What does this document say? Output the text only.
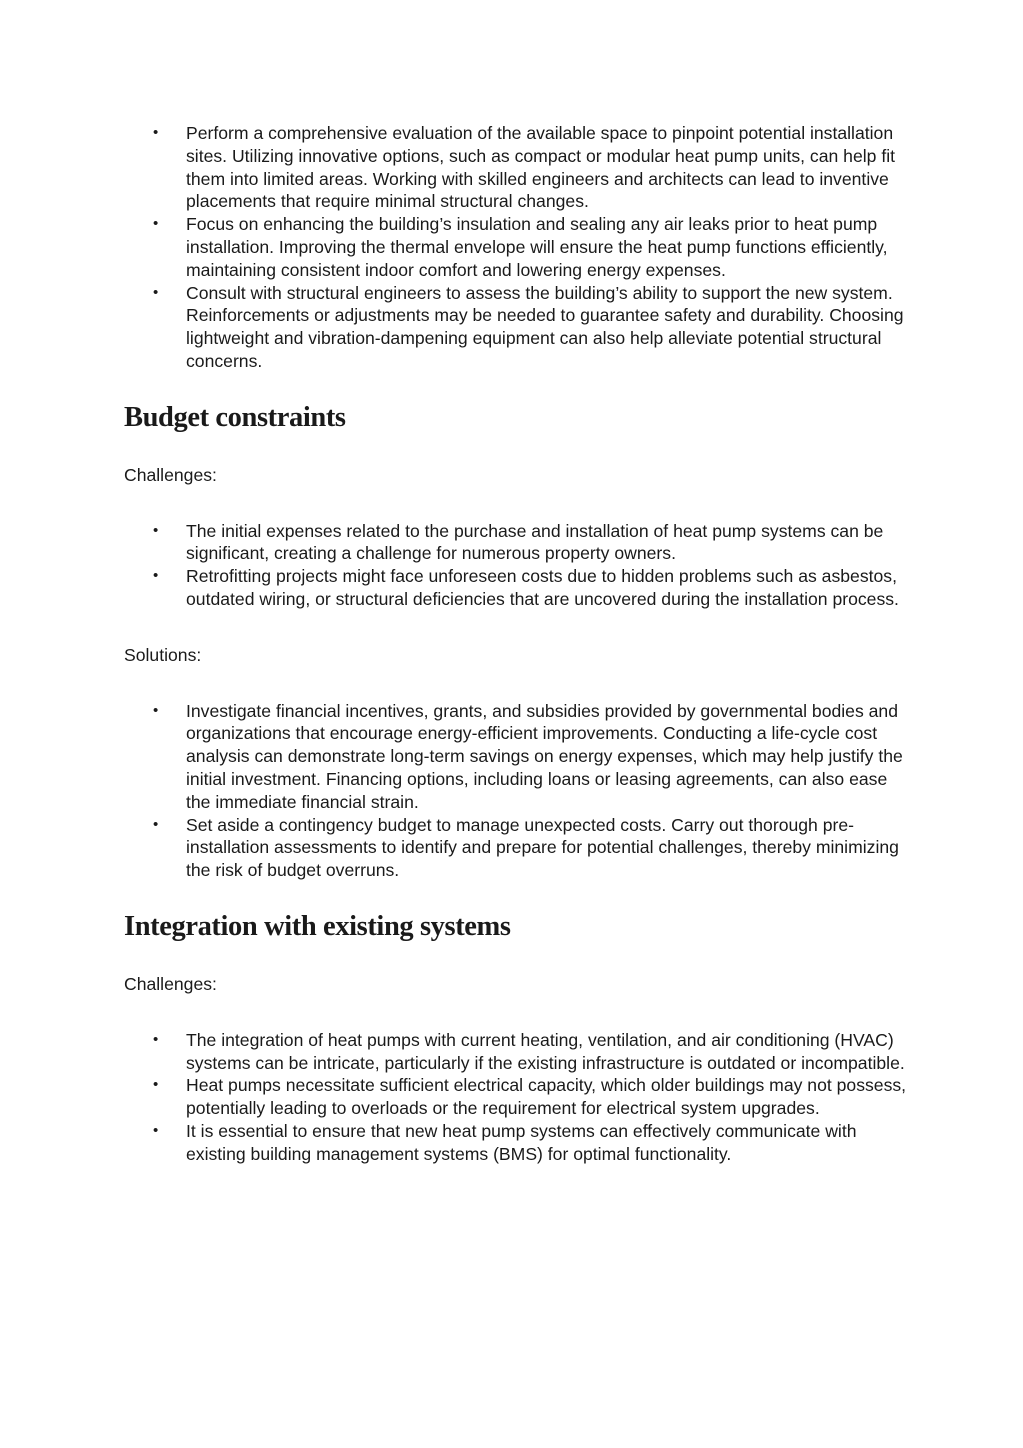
• Perform a comprehensive evaluation of the available space to pinpoint potential installation sites. Utilizing innovative options, such as compact or modular heat pump units, can help fit them into limited areas. Working with skilled engineers and architects can lead to inventive placements that require minimal structural changes.
• Focus on enhancing the building’s insulation and sealing any air leaks prior to heat pump installation. Improving the thermal envelope will ensure the heat pump functions efficiently, maintaining consistent indoor comfort and lowering energy expenses.
• Consult with structural engineers to assess the building’s ability to support the new system. Reinforcements or adjustments may be needed to guarantee safety and durability. Choosing lightweight and vibration-dampening equipment can also help alleviate potential structural concerns.
Budget constraints

Challenges:

• The initial expenses related to the purchase and installation of heat pump systems can be significant, creating a challenge for numerous property owners.
• Retrofitting projects might face unforeseen costs due to hidden problems such as asbestos, outdated wiring, or structural deficiencies that are uncovered during the installation process.

Solutions:

• Investigate financial incentives, grants, and subsidies provided by governmental bodies and organizations that encourage energy-efficient improvements. Conducting a life-cycle cost analysis can demonstrate long-term savings on energy expenses, which may help justify the initial investment. Financing options, including loans or leasing agreements, can also ease the immediate financial strain.
• Set aside a contingency budget to manage unexpected costs. Carry out thorough pre-installation assessments to identify and prepare for potential challenges, thereby minimizing the risk of budget overruns.
Integration with existing systems

Challenges:

• The integration of heat pumps with current heating, ventilation, and air conditioning (HVAC) systems can be intricate, particularly if the existing infrastructure is outdated or incompatible.
• Heat pumps necessitate sufficient electrical capacity, which older buildings may not possess, potentially leading to overloads or the requirement for electrical system upgrades.
• It is essential to ensure that new heat pump systems can effectively communicate with existing building management systems (BMS) for optimal functionality.
